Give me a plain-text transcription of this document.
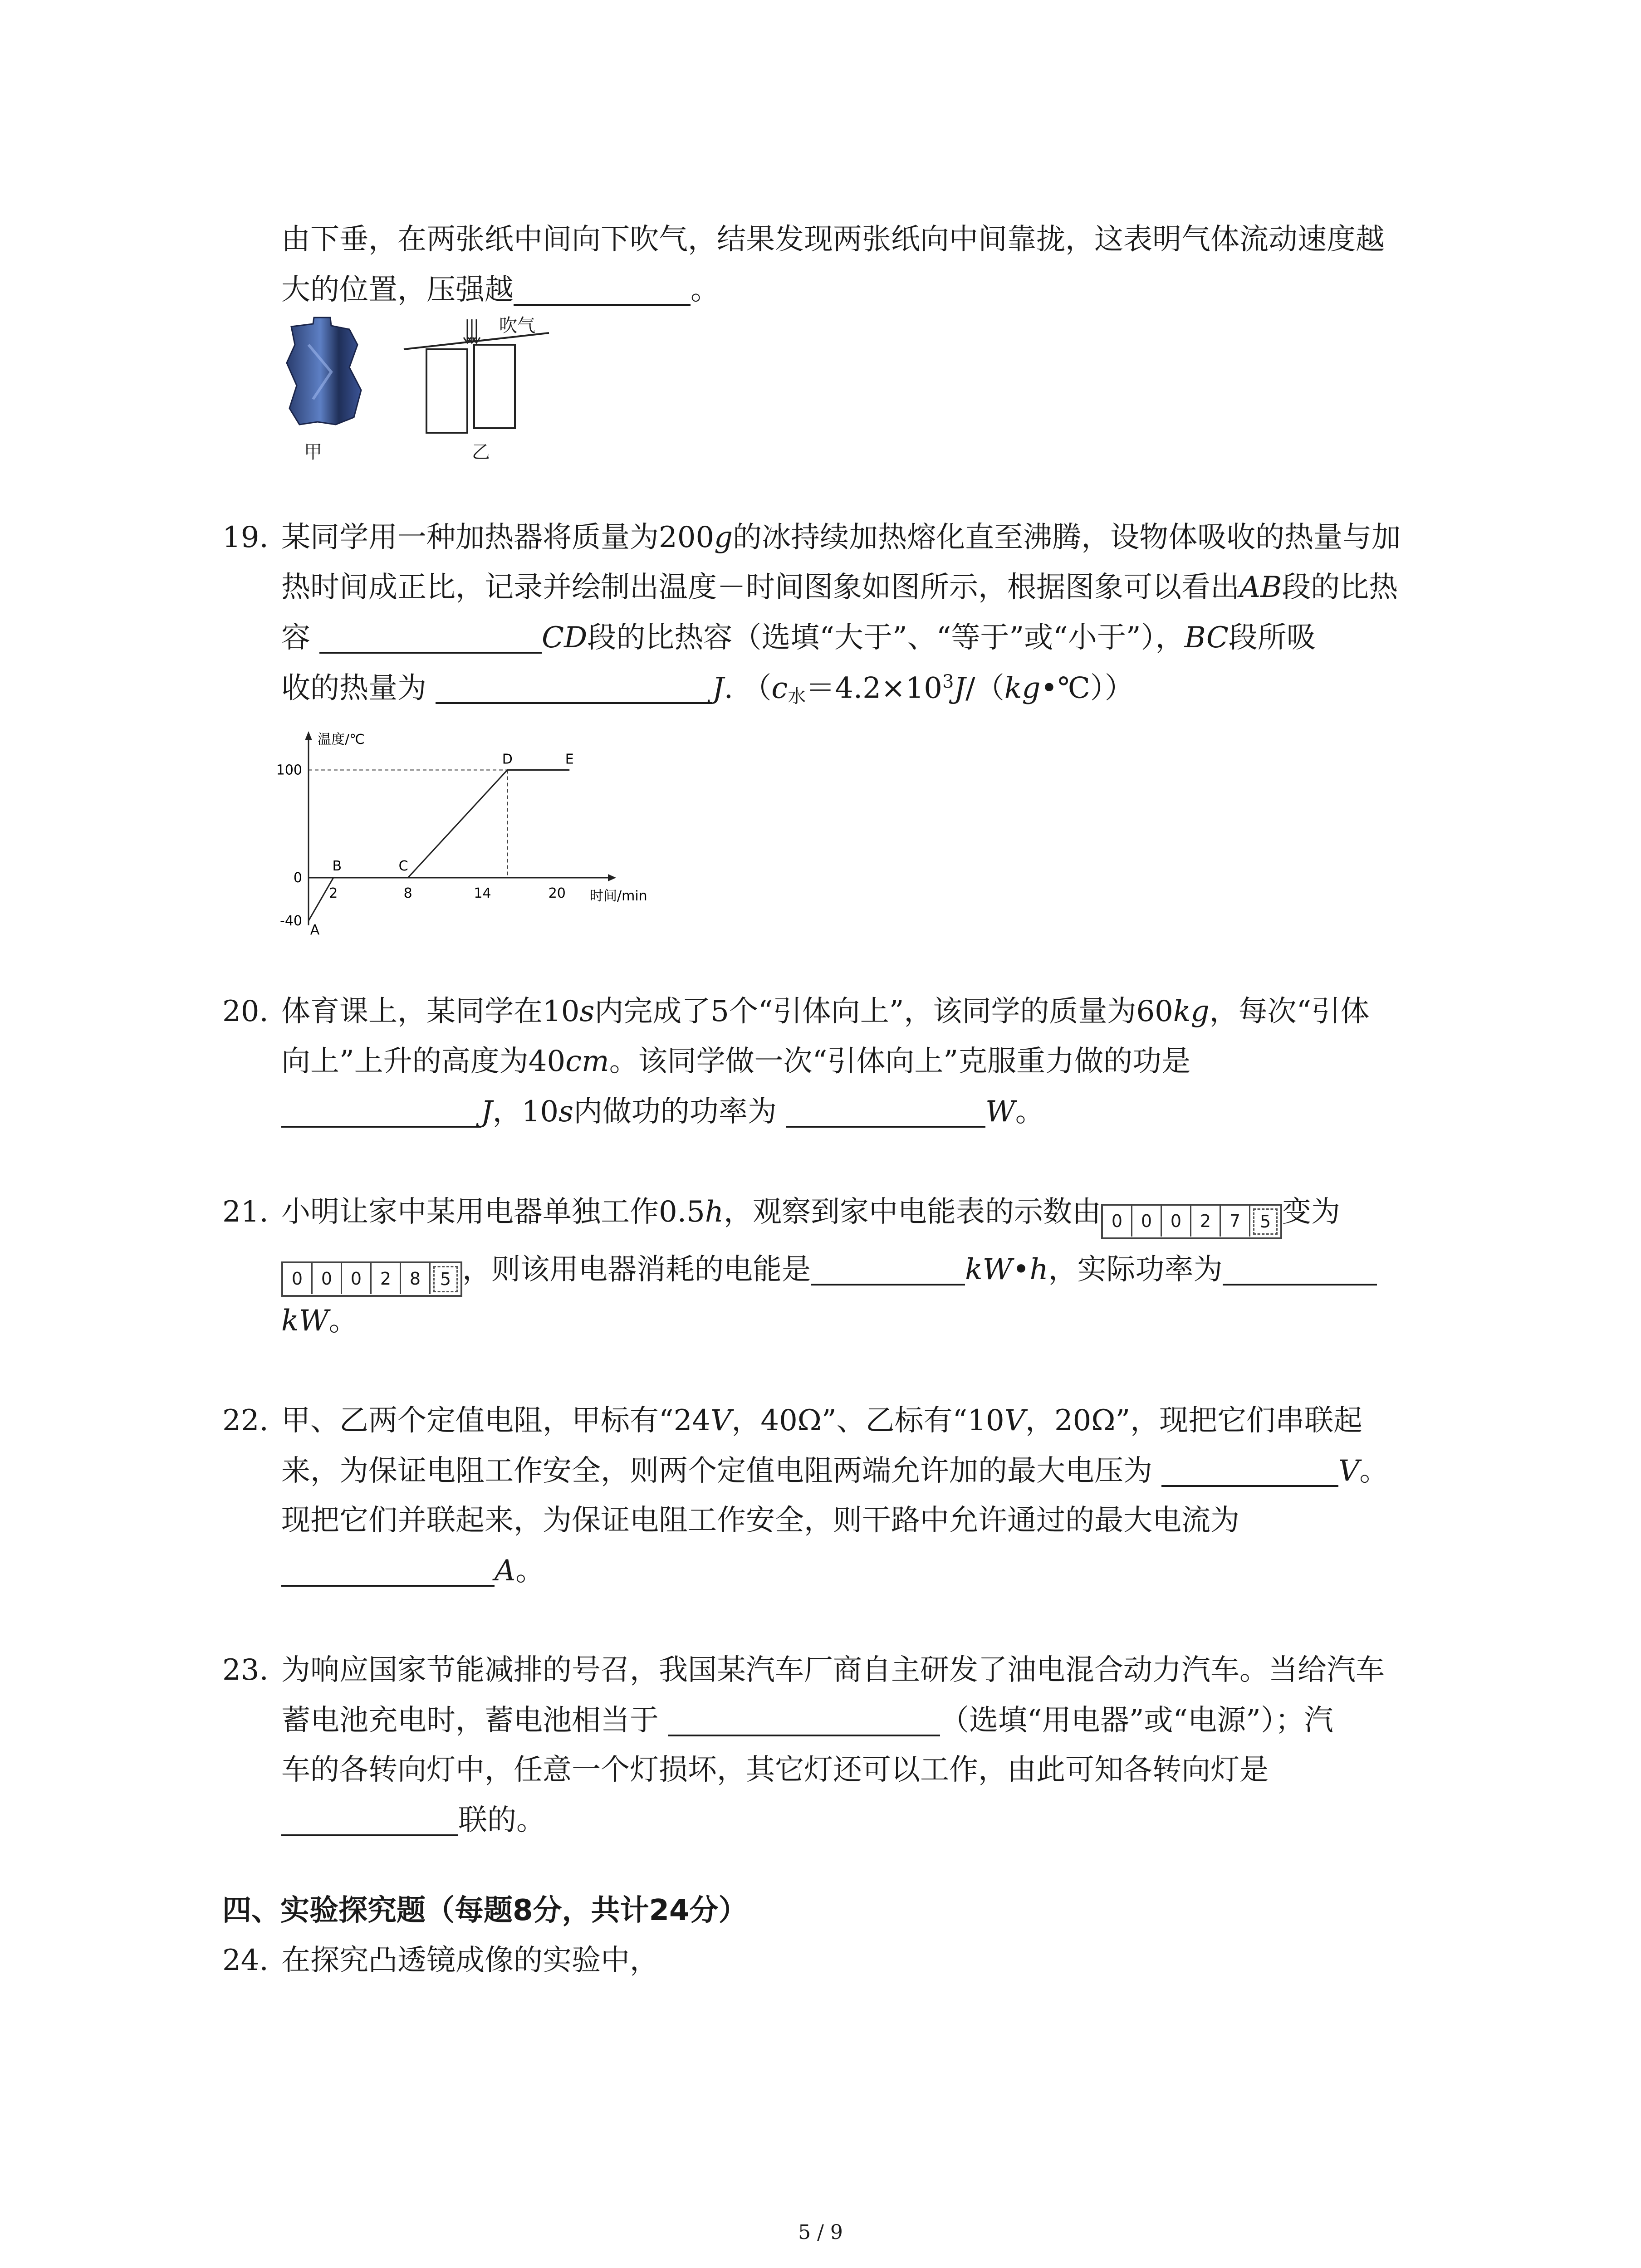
由下垂，在两张纸中间向下吹气，结果发现两张纸向中间靠拢，这表明气体流动速度越
大的位置，压强越	。
甲
吹气
乙
19. 某同学用一种加热器将质量为200g的冰持续加热熔化直至沸腾，设物体吸收的热量与加
热时间成正比，记录并绘制出温度－时间图象如图所示，根据图象可以看出AB段的比热
容	CD段的比热容（选填“大于”、“等于”或“小于”），BC段所吸
收的热量为	J. $(c_水=4.2\times 10^3J/(kg•℃))$
温度/℃
时间/min
100
0
-40
2	8	14	20
A
B	C
D	E
20. 体育课上，某同学在10s内完成了5个“引体向上”，该同学的质量为60kg，每次“引体
向上”上升的高度为40cm。该同学做一次“引体向上”克服重力做的功是
J，10s内做功的功率为	W。
21. 小明让家中某用电器单独工作0.5h，观察到家中电能表的示数由 0	0	0	2	7	5 变为
0	0	0	2	8	5 ，则该用电器消耗的电能是	kW•h，实际功率为
kW。
22. 甲、乙两个定值电阻，甲标有“24V，40Ω”、乙标有“10V，20Ω”，现把它们串联起
来，为保证电阻工作安全，则两个定值电阻两端允许加的最大电压为	V。
现把它们并联起来，为保证电阻工作安全，则干路中允许通过的最大电流为
A。
23. 为响应国家节能减排的号召，我国某汽车厂商自主研发了油电混合动力汽车。当给汽车
蓄电池充电时，蓄电池相当于	（选填“用电器”或“电源”）；汽
车的各转向灯中，任意一个灯损坏，其它灯还可以工作，由此可知各转向灯是
联的。
四、实验探究题（每题8分，共计24分）
24. 在探究凸透镜成像的实验中，
5 / 9
